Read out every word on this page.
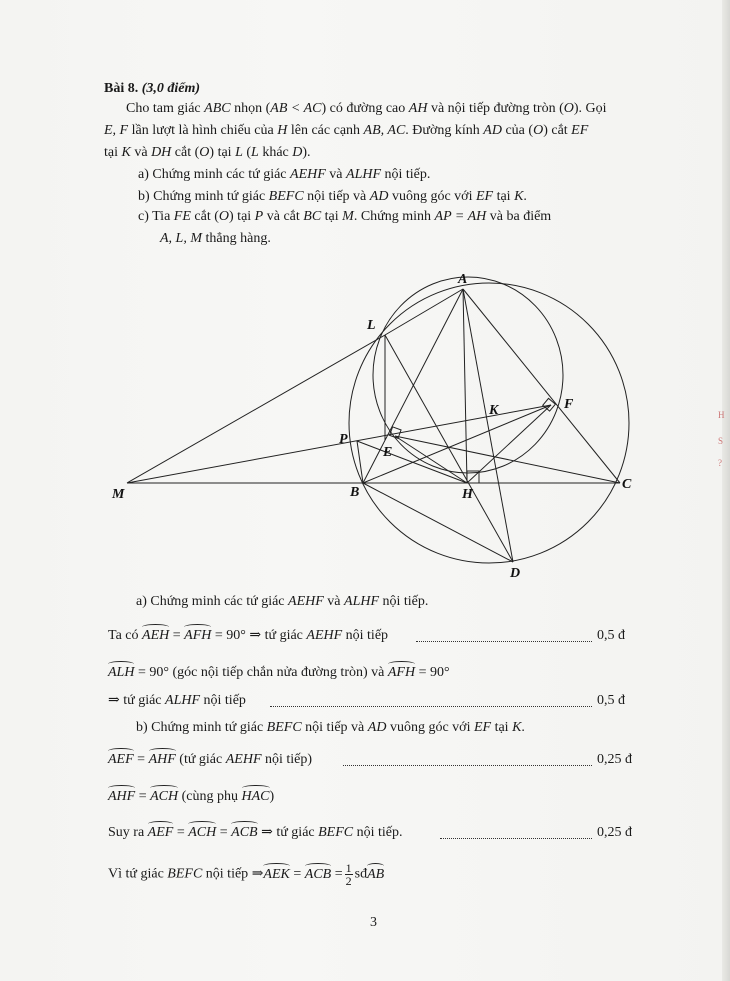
Bài 8. (3,0 điểm)
Cho tam giác ABC nhọn (AB < AC) có đường cao AH và nội tiếp đường tròn (O). Gọi
E, F lần lượt là hình chiếu của H lên các cạnh AB, AC. Đường kính AD của (O) cắt EF
tại K và DH cắt (O) tại L (L khác D).
a) Chứng minh các tứ giác AEHF và ALHF nội tiếp.
b) Chứng minh tứ giác BEFC nội tiếp và AD vuông góc với EF tại K.
c) Tia FE cắt (O) tại P và cắt BC tại M. Chứng minh AP = AH và ba điểm
A, L, M thẳng hàng.
A
L
F
K
P
E
M	B	H
C
D
a) Chứng minh các tứ giác AEHF và ALHF nội tiếp.
Ta có AEH = AFH = 90° ⇒ tứ giác AEHF nội tiếp	0,5 đ
ALH = 90° (góc nội tiếp chắn nửa đường tròn) và AFH = 90°
⇒ tứ giác ALHF nội tiếp	0,5 đ
b) Chứng minh tứ giác BEFC nội tiếp và AD vuông góc với EF tại K.
AEF = AHF (tứ giác AEHF nội tiếp)	0,25 đ
AHF = ACH (cùng phụ HAC)
Suy ra AEF = ACH = ACB ⇒ tứ giác BEFC nội tiếp.	0,25 đ
Vì tứ giác BEFC nội tiếp ⇒AEK = ACB = $\frac{1}{2}$ sđAB
3
H
S
?
